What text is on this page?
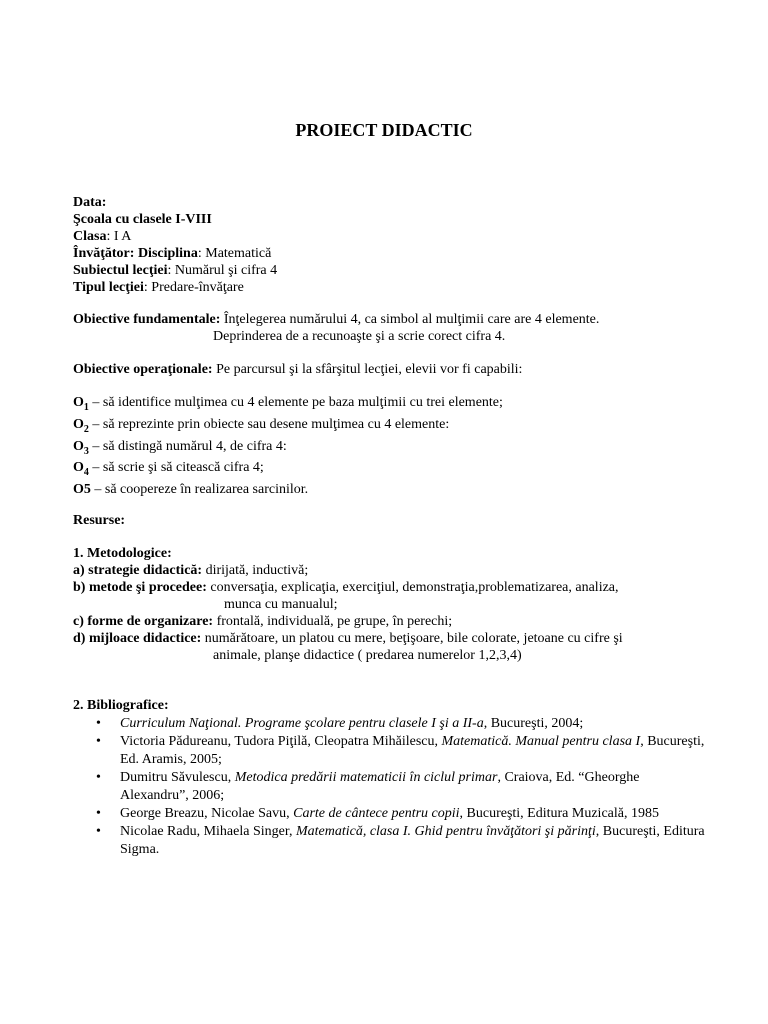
PROIECT DIDACTIC
Data:
Şcoala cu clasele I-VIII
Clasa: I A
Învăţător: Disciplina: Matematică
Subiectul lecţiei: Numărul şi cifra 4
Tipul lecţiei: Predare-învăţare
Obiective fundamentale: Înţelegerea numărului 4, ca simbol al mulţimii care are 4 elemente.
Deprinderea de a recunoaşte şi a scrie corect cifra 4.
Obiective operaţionale: Pe parcursul şi la sfârşitul lecţiei, elevii vor fi capabili:
$O_1$ – să identifice mulţimea cu 4 elemente pe baza mulţimii cu trei elemente;
$O_2$ – să reprezinte prin obiecte sau desene mulţimea cu 4 elemente:
$O_3$ – să distingă numărul 4, de cifra 4:
$O_4$ – să scrie şi să citească cifra 4;
O5 – să coopereze în realizarea sarcinilor.
Resurse:
1. Metodologice:
a) strategie didactică: dirijată, inductivă;
b) metode şi procedee: conversaţia, explicaţia, exerciţiul, demonstraţia,problematizarea, analiza,
munca cu manualul;
c) forme de organizare: frontală, individuală, pe grupe, în perechi;
d) mijloace didactice: numărătoare, un platou cu mere, beţişoare, bile colorate, jetoane cu cifre şi
animale, planşe didactice ( predarea numerelor 1,2,3,4)
2. Bibliografice:
• Curriculum Naţional. Programe şcolare pentru clasele I şi a II-a, Bucureşti, 2004;
• Victoria Pădureanu, Tudora Piţilă, Cleopatra Mihăilescu, Matematică. Manual pentru clasa I, Bucureşti, Ed. Aramis, 2005;
• Dumitru Săvulescu, Metodica predării matematicii în ciclul primar, Craiova, Ed. “Gheorghe Alexandru”, 2006;
• George Breazu, Nicolae Savu, Carte de cântece pentru copii, Bucureşti, Editura Muzicală, 1985
• Nicolae Radu, Mihaela Singer, Matematică, clasa I. Ghid pentru învăţători şi părinţi, Bucureşti, Editura Sigma.
